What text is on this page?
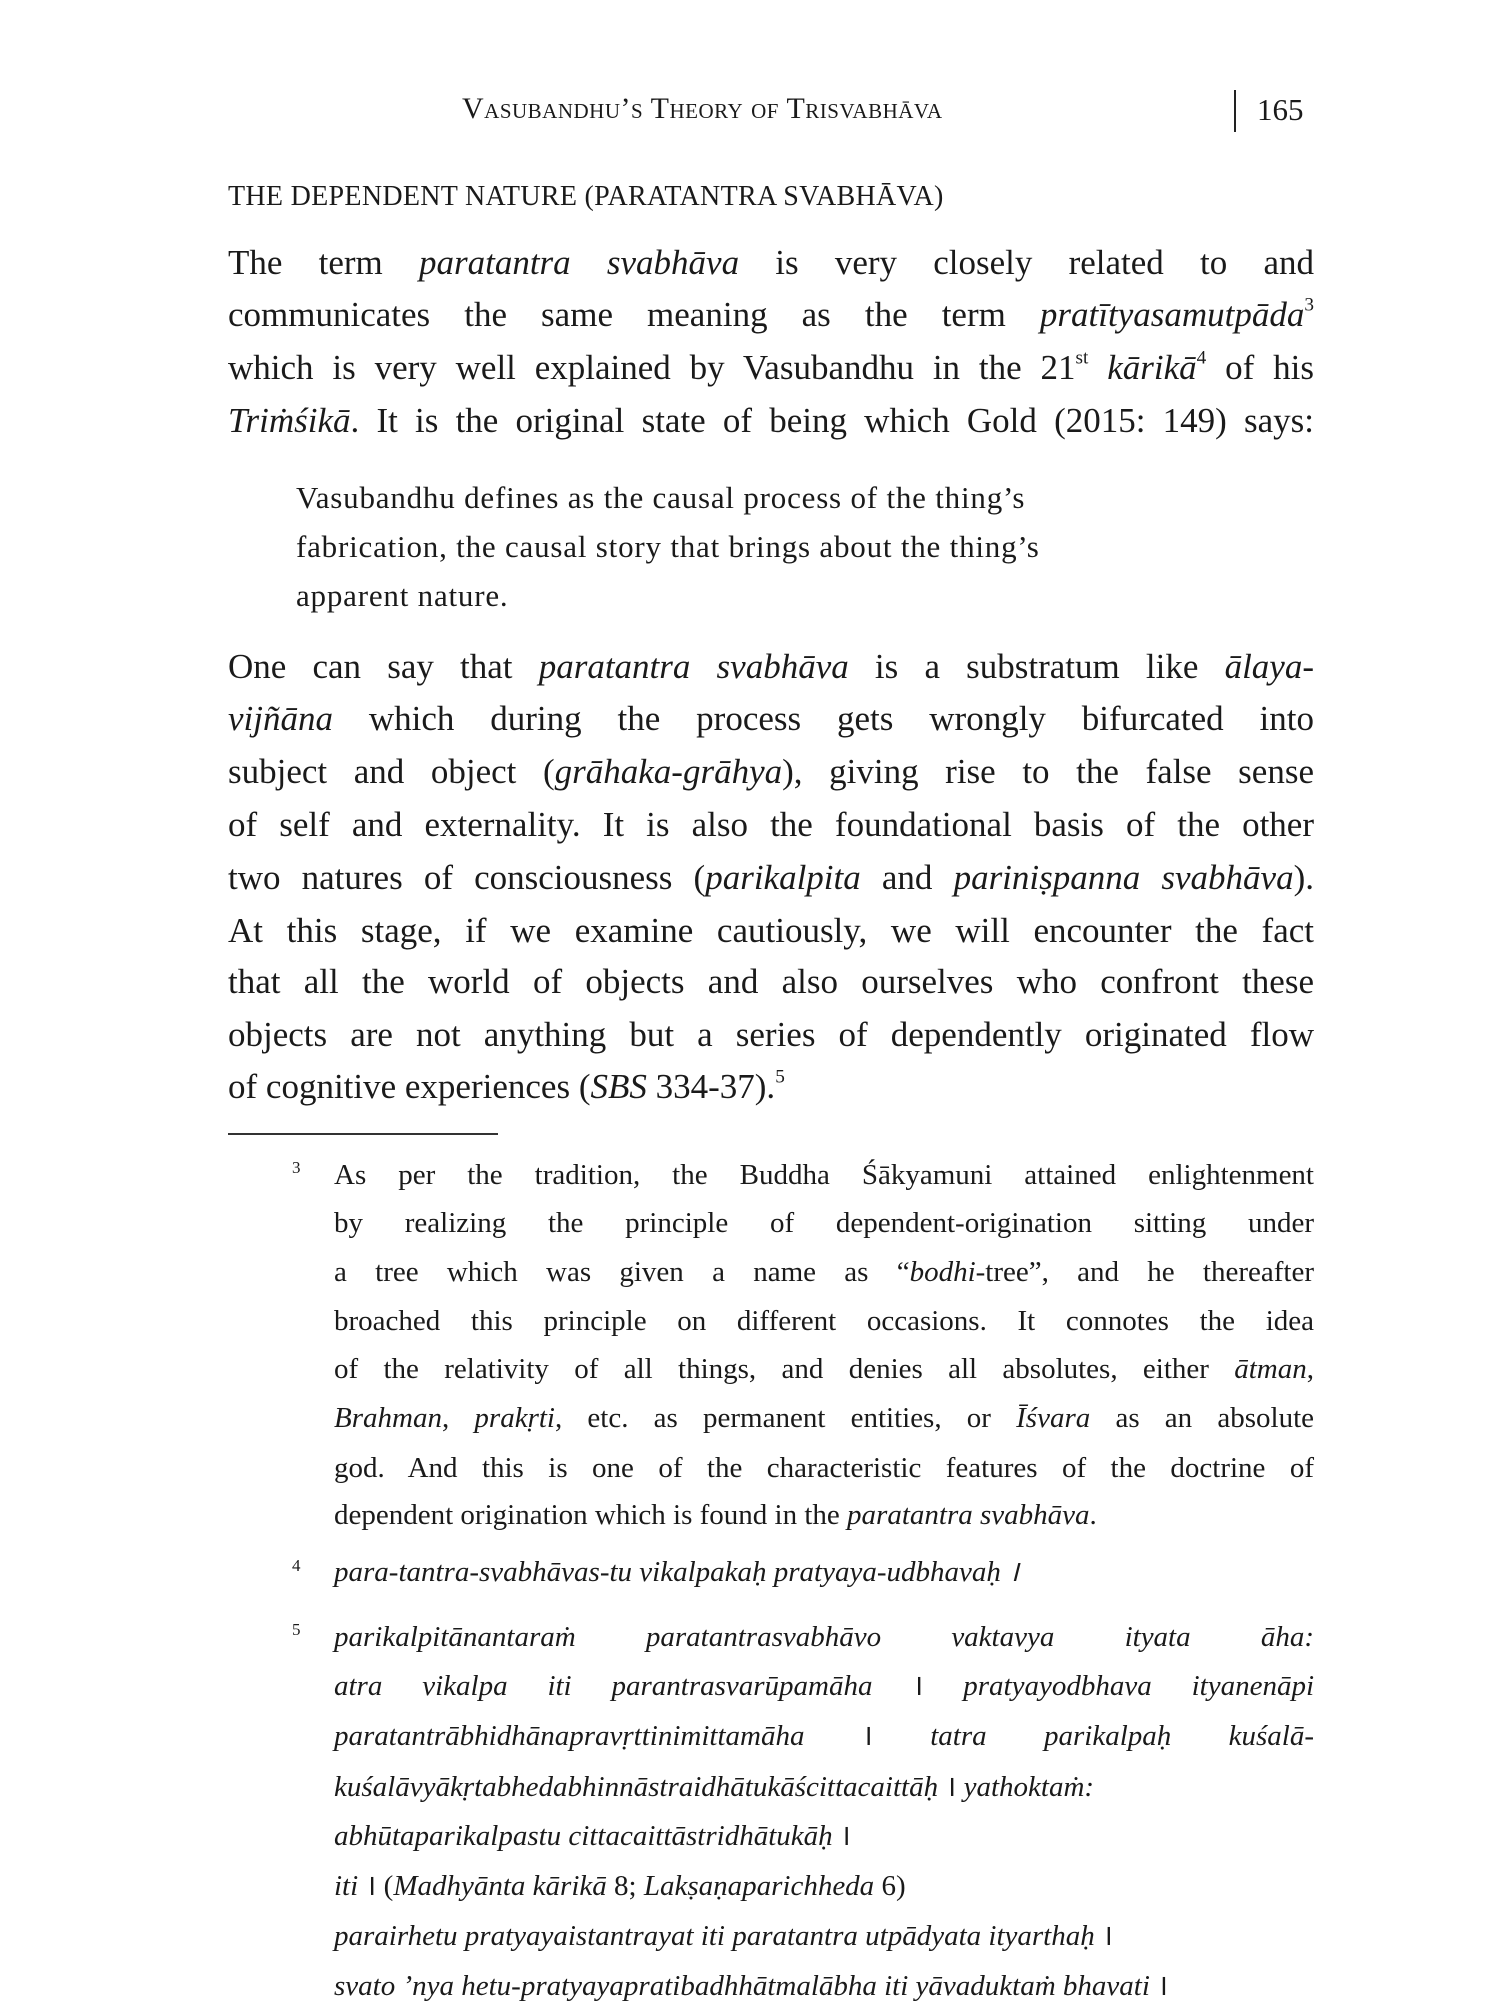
Vasubandhu’s Theory of Trisvabhāva	165
THE DEPENDENT NATURE (PARATANTRA SVABHĀVA)
3
4
5
The term paratantra svabhāva is very closely related to and
communicates the same meaning as the term pratītyasamutpāda$^3$
which is very well explained by Vasubandhu in the 21st kārikā$^4$ of his
Triṁśikā. It is the original state of being which Gold (2015: 149) says:
Vasubandhu defines as the causal process of the thing’s
fabrication, the causal story that brings about the thing’s
apparent nature.
One can say that paratantra svabhāva is a substratum like ālaya-
vijñāna which during the process gets wrongly bifurcated into
subject and object (grāhaka-grāhya), giving rise to the false sense
of self and externality. It is also the foundational basis of the other
two natures of consciousness (parikalpita and pariniṣpanna svabhāva).
At this stage, if we examine cautiously, we will encounter the fact
that all the world of objects and also ourselves who confront these
objects are not anything but a series of dependently originated flow
of cognitive experiences (SBS 334-37).$^5$
As per the tradition, the Buddha Śākyamuni attained enlightenment
by realizing the principle of dependent-origination sitting under
a tree which was given a name as “bodhi-tree”, and he thereafter
broached this principle on different occasions. It connotes the idea
of the relativity of all things, and denies all absolutes, either ātman,
Brahman, prakṛti, etc. as permanent entities, or Īśvara as an absolute
god. And this is one of the characteristic features of the doctrine of
dependent origination which is found in the paratantra svabhāva.
para-tantra-svabhāvas-tu vikalpakaḥ pratyaya-udbhavaḥ ।
parikalpitānantaraṁ paratantrasvabhāvo vaktavya ityata āha:
atra vikalpa iti parantrasvarūpamāha । pratyayodbhava ityanenāpi
paratantrābhidhānapravṛttinimittamāha । tatra parikalpaḥ kuśalā-
kuśalāvyākṛtabhedabhinnāstraidhātukāścittacaittāḥ । yathoktaṁ:
abhūtaparikalpastu cittacaittāstridhātukāḥ ।
iti । (Madhyānta kārikā 8; Lakṣaṇaparichheda 6)
parairhetu pratyayaistantrayat iti paratantra utpādyata ityarthaḥ ।
svato ’nya hetu-pratyayapratibadhhātmalābha iti yāvaduktaṁ bhavati ।
